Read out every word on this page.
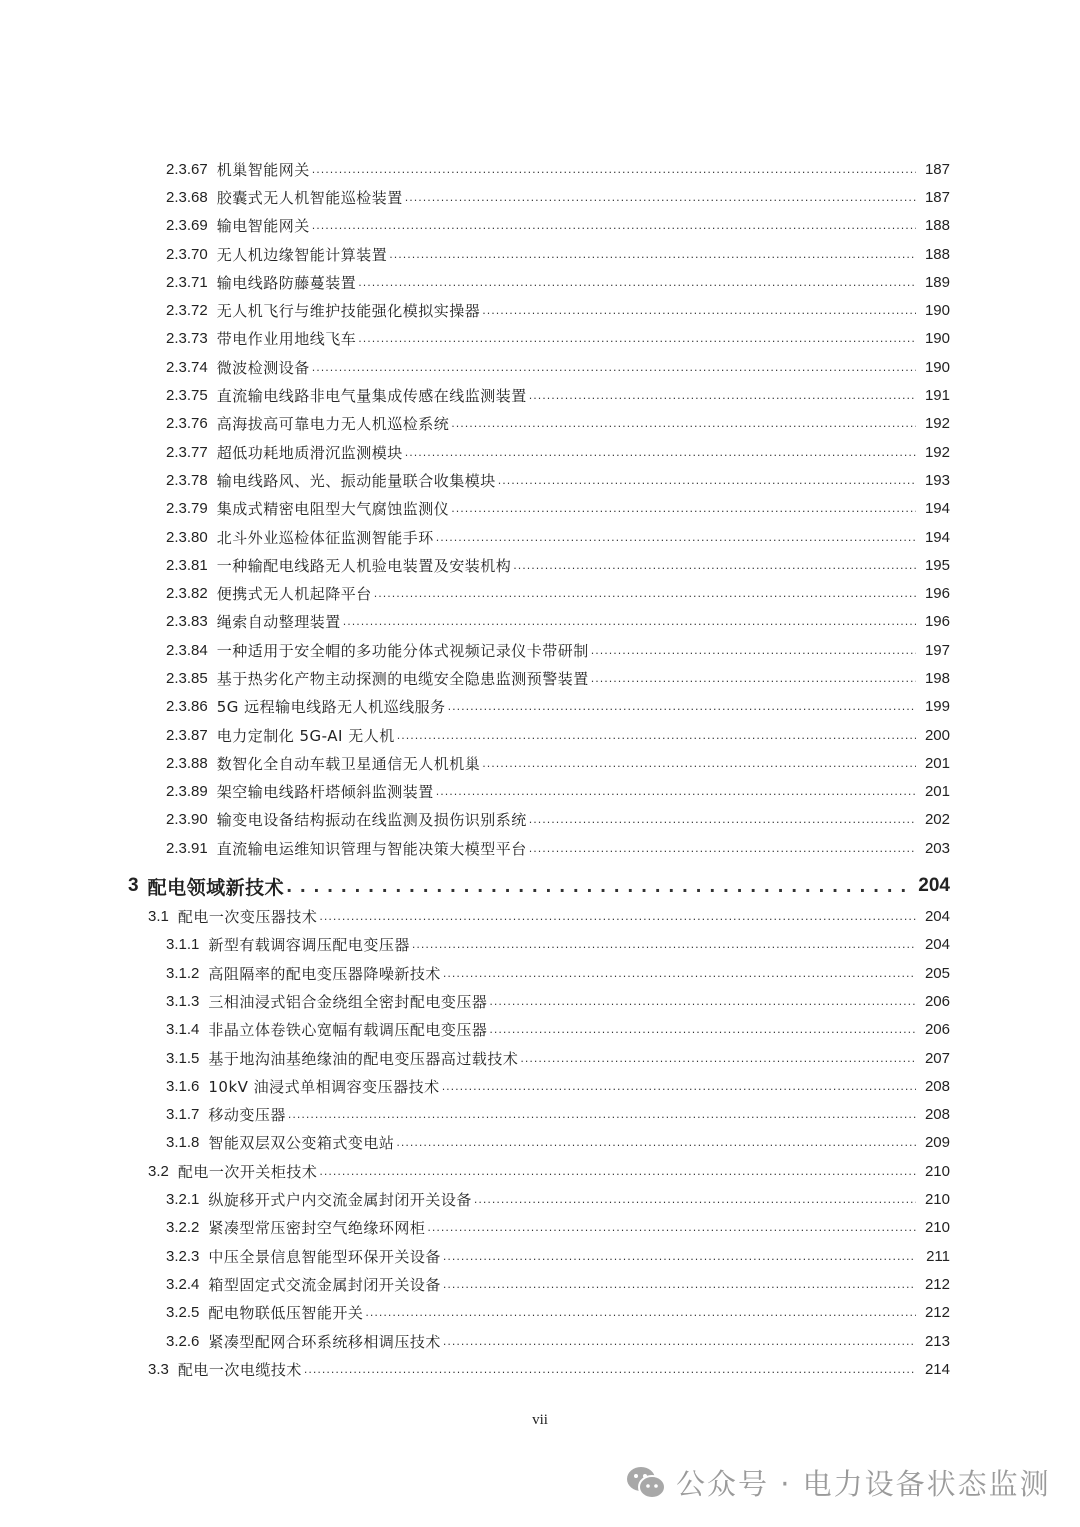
2.3.67 机巢智能网关 .....	187
2.3.68 胶囊式无人机智能巡检装置 .....	187
2.3.69 输电智能网关 .....	188
2.3.70 无人机边缘智能计算装置 .....	188
2.3.71 输电线路防藤蔓装置 .....	189
2.3.72 无人机飞行与维护技能强化模拟实操器 .....	190
2.3.73 带电作业用地线飞车 .....	190
2.3.74 微波检测设备 .....	190
2.3.75 直流输电线路非电气量集成传感在线监测装置 .....	191
2.3.76 高海拔高可靠电力无人机巡检系统 .....	192
2.3.77 超低功耗地质滑沉监测模块 .....	192
2.3.78 输电线路风、光、振动能量联合收集模块 .....	193
2.3.79 集成式精密电阻型大气腐蚀监测仪 .....	194
2.3.80 北斗外业巡检体征监测智能手环 .....	194
2.3.81 一种输配电线路无人机验电装置及安装机构 .....	195
2.3.82 便携式无人机起降平台 .....	196
2.3.83 绳索自动整理装置 .....	196
2.3.84 一种适用于安全帽的多功能分体式视频记录仪卡带研制 .....	197
2.3.85 基于热劣化产物主动探测的电缆安全隐患监测预警装置 .....	198
2.3.86 5G 远程输电线路无人机巡线服务 .....	199
2.3.87 电力定制化 5G-AI 无人机 .....	200
2.3.88 数智化全自动车载卫星通信无人机机巢 .....	201
2.3.89 架空输电线路杆塔倾斜监测装置 .....	201
2.3.90 输变电设备结构振动在线监测及损伤识别系统 .....	202
2.3.91 直流输电运维知识管理与智能决策大模型平台 .....	203
3 配电领域新技术 . . .	204
3.1 配电一次变压器技术 .....	204
3.1.1 新型有载调容调压配电变压器 .....	204
3.1.2 高阻隔率的配电变压器降噪新技术 .....	205
3.1.3 三相油浸式铝合金绕组全密封配电变压器 .....	206
3.1.4 非晶立体卷铁心宽幅有载调压配电变压器 .....	206
3.1.5 基于地沟油基绝缘油的配电变压器高过载技术 .....	207
3.1.6 10kV 油浸式单相调容变压器技术 .....	208
3.1.7 移动变压器 .....	208
3.1.8 智能双层双公变箱式变电站 .....	209
3.2 配电一次开关柜技术 .....	210
3.2.1 纵旋移开式户内交流金属封闭开关设备 .....	210
3.2.2 紧凑型常压密封空气绝缘环网柜 .....	210
3.2.3 中压全景信息智能型环保开关设备 .....	211
3.2.4 箱型固定式交流金属封闭开关设备 .....	212
3.2.5 配电物联低压智能开关 .....	212
3.2.6 紧凑型配网合环系统移相调压技术 .....	213
3.3 配电一次电缆技术 .....	214
vii
公众号 · 电力设备状态监测
